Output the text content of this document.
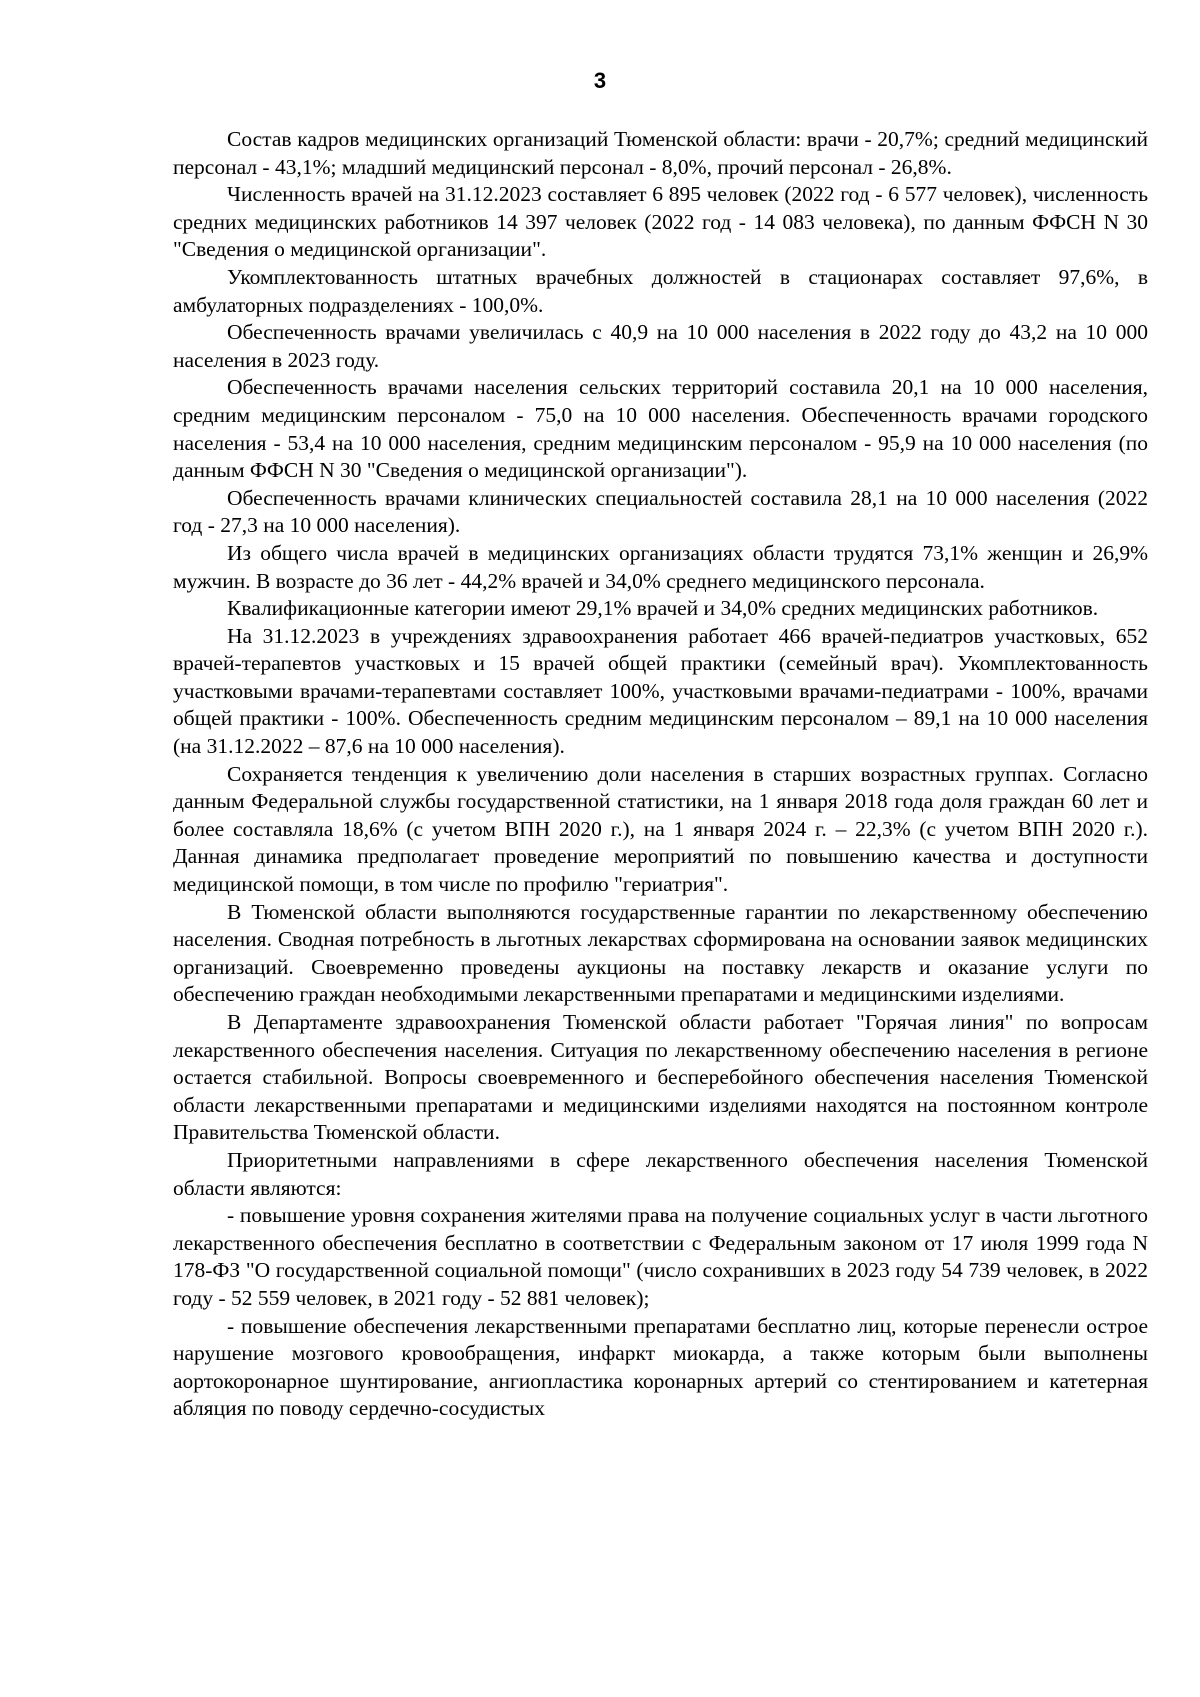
3

Состав кадров медицинских организаций Тюменской области: врачи - 20,7%; средний медицинский персонал - 43,1%; младший медицинский персонал - 8,0%, прочий персонал - 26,8%.

Численность врачей на 31.12.2023 составляет 6 895 человек (2022 год - 6 577 человек), численность средних медицинских работников 14 397 человек (2022 год - 14 083 человека), по данным ФФСН N 30 "Сведения о медицинской организации".

Укомплектованность штатных врачебных должностей в стационарах составляет 97,6%, в амбулаторных подразделениях - 100,0%.

Обеспеченность врачами увеличилась с 40,9 на 10 000 населения в 2022 году до 43,2 на 10 000 населения в 2023 году.

Обеспеченность врачами населения сельских территорий составила 20,1 на 10 000 населения, средним медицинским персоналом - 75,0 на 10 000 населения. Обеспеченность врачами городского населения - 53,4 на 10 000 населения, средним медицинским персоналом - 95,9 на 10 000 населения (по данным ФФСН N 30 "Сведения о медицинской организации").

Обеспеченность врачами клинических специальностей составила 28,1 на 10 000 населения (2022 год - 27,3 на 10 000 населения).

Из общего числа врачей в медицинских организациях области трудятся 73,1% женщин и 26,9% мужчин. В возрасте до 36 лет - 44,2% врачей и 34,0% среднего медицинского персонала.

Квалификационные категории имеют 29,1% врачей и 34,0% средних медицинских работников.

На 31.12.2023 в учреждениях здравоохранения работает 466 врачей-педиатров участковых, 652 врачей-терапевтов участковых и 15 врачей общей практики (семейный врач). Укомплектованность участковыми врачами-терапевтами составляет 100%, участковыми врачами-педиатрами - 100%, врачами общей практики - 100%. Обеспеченность средним медицинским персоналом – 89,1 на 10 000 населения (на 31.12.2022 – 87,6 на 10 000 населения).

Сохраняется тенденция к увеличению доли населения в старших возрастных группах. Согласно данным Федеральной службы государственной статистики, на 1 января 2018 года доля граждан 60 лет и более составляла 18,6% (с учетом ВПН 2020 г.), на 1 января 2024 г. – 22,3% (с учетом ВПН 2020 г.). Данная динамика предполагает проведение мероприятий по повышению качества и доступности медицинской помощи, в том числе по профилю "гериатрия".

В Тюменской области выполняются государственные гарантии по лекарственному обеспечению населения. Сводная потребность в льготных лекарствах сформирована на основании заявок медицинских организаций. Своевременно проведены аукционы на поставку лекарств и оказание услуги по обеспечению граждан необходимыми лекарственными препаратами и медицинскими изделиями.

В Департаменте здравоохранения Тюменской области работает "Горячая линия" по вопросам лекарственного обеспечения населения. Ситуация по лекарственному обеспечению населения в регионе остается стабильной. Вопросы своевременного и бесперебойного обеспечения населения Тюменской области лекарственными препаратами и медицинскими изделиями находятся на постоянном контроле Правительства Тюменской области.

Приоритетными направлениями в сфере лекарственного обеспечения населения Тюменской области являются:

- повышение уровня сохранения жителями права на получение социальных услуг в части льготного лекарственного обеспечения бесплатно в соответствии с Федеральным законом от 17 июля 1999 года N 178-ФЗ "О государственной социальной помощи" (число сохранивших в 2023 году 54 739 человек, в 2022 году - 52 559 человек, в 2021 году - 52 881 человек);

- повышение обеспечения лекарственными препаратами бесплатно лиц, которые перенесли острое нарушение мозгового кровообращения, инфаркт миокарда, а также которым были выполнены аортокоронарное шунтирование, ангиопластика коронарных артерий со стентированием и катетерная абляция по поводу сердечно-сосудистых
